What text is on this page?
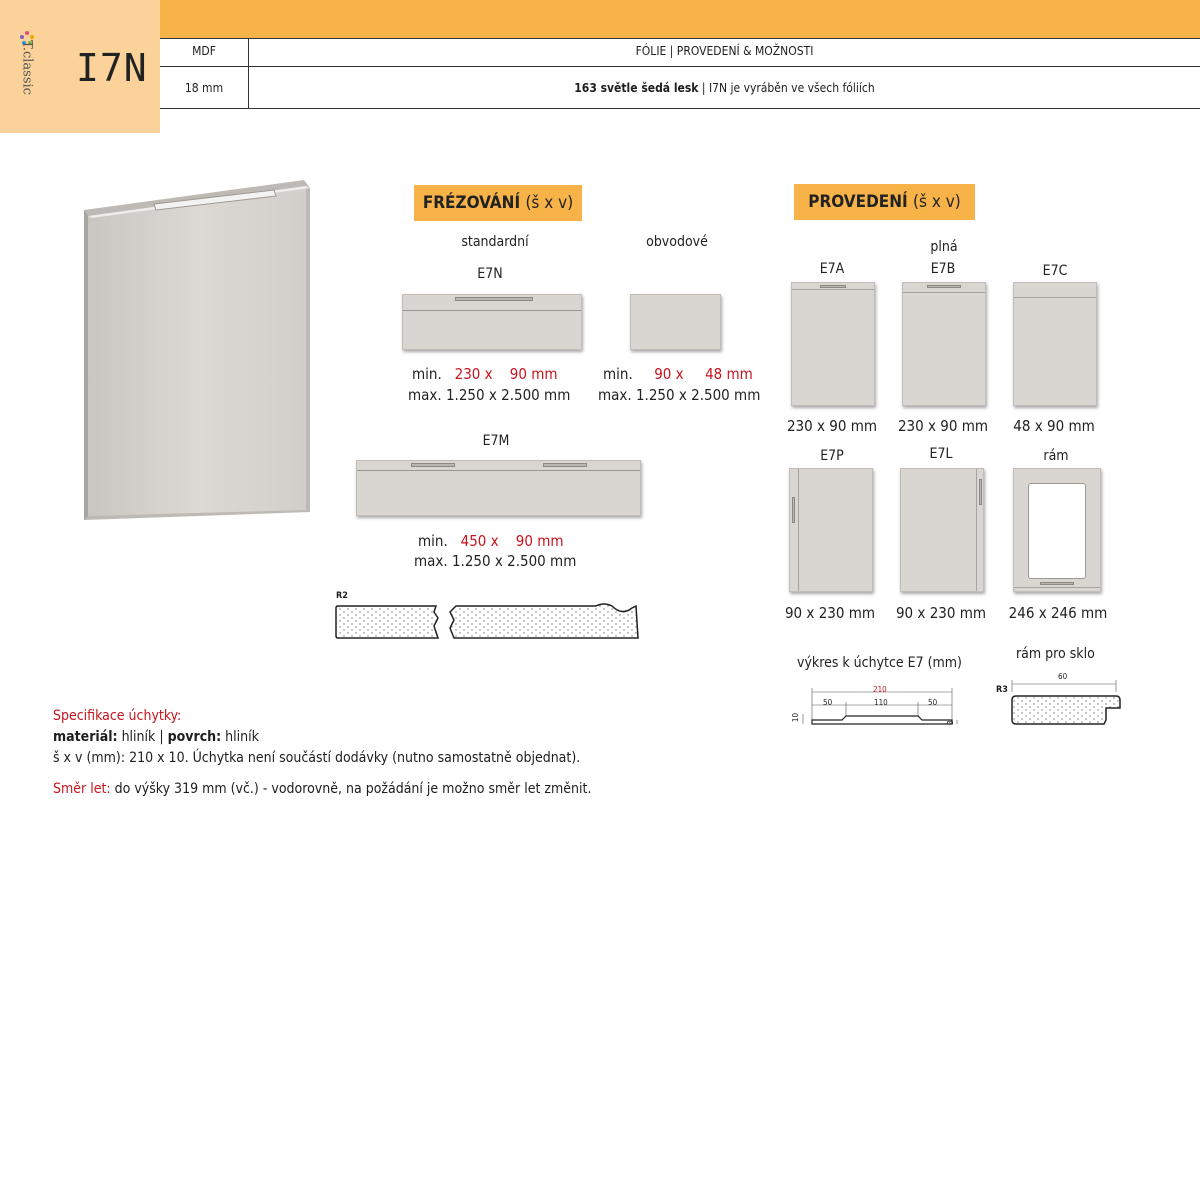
T.classic I7N	MDF	FÓLIE | PROVEDENÍ & MOŽNOSTI
18 mm	163 světle šedá lesk | I7N je vyráběn ve všech fóliích
FRÉZOVÁNÍ (š x v)
standardní	obvodové
E7N
min. 230 x 90 mm
max. 1.250 x 2.500 mm
min. 90 x 48 mm
max. 1.250 x 2.500 mm
E7M
min. 450 x 90 mm
max. 1.250 x 2.500 mm
R2
PROVEDENÍ (š x v)
plná
E7A	E7B	E7C
230 x 90 mm	230 x 90 mm	48 x 90 mm
E7P	E7L	rám
90 x 230 mm	90 x 230 mm	246 x 246 mm
výkres k úchytce E7 (mm)
210
50	110	50
10
3
rám pro sklo
60
R3
Specifikace úchytky:
materiál: hliník | povrch: hliník
š x v (mm): 210 x 10. Úchytka není součástí dodávky (nutno samostatně objednat).
Směr let: do výšky 319 mm (vč.) - vodorovně, na požádání je možno směr let změnit.
